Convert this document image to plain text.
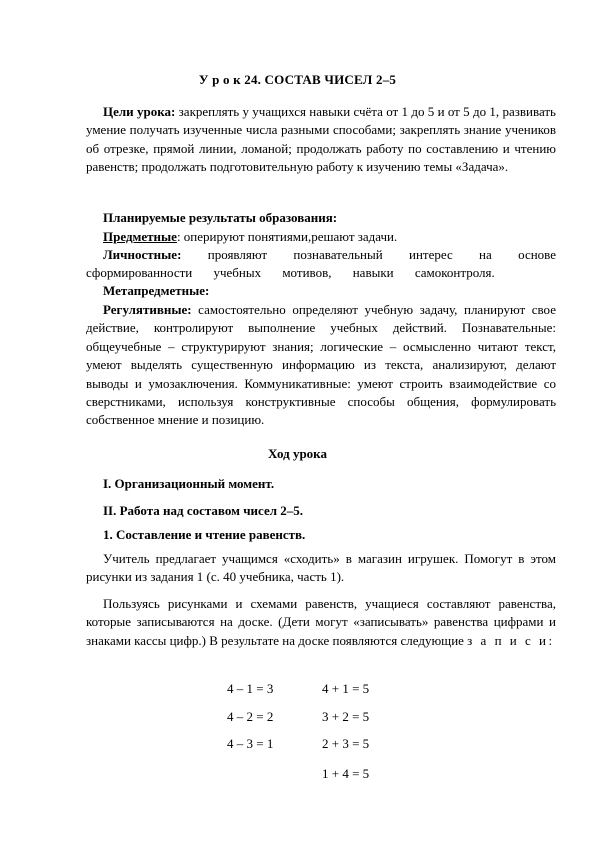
У р о к 24. СОСТАВ ЧИСЕЛ 2–5

Цели урока: закреплять у учащихся навыки счёта от 1 до 5 и от 5 до 1, развивать умение получать изученные числа разными способами; закреплять знание учеников об отрезке, прямой линии, ломаной; продолжать работу по составлению и чтению равенств; продолжать подготовительную работу к изучению темы «Задача».

Планируемые результаты образования:

Предметные: оперируют понятиями,решают задачи.

Личностные: проявляют познавательный интерес на основе сформированности учебных мотивов, навыки самоконтроля.

Метапредметные:

Регулятивные: самостоятельно определяют учебную задачу, планируют свое действие, контролируют выполнение учебных действий. Познавательные: общеучебные – структурируют знания; логические – осмысленно читают текст, умеют выделять существенную информацию из текста, анализируют, делают выводы и умозаключения. Коммуникативные: умеют строить взаимодействие со сверстниками, используя конструктивные способы общения, формулировать собственное мнение и позицию.

Ход урока
I. Организационный момент.
II. Работа над составом чисел 2–5.
1. Составление и чтение равенств.

Учитель предлагает учащимся «сходить» в магазин игрушек. Помогут в этом рисунки из задания 1 (с. 40 учебника, часть 1).

Пользуясь рисунками и схемами равенств, учащиеся составляют равенства, которые записываются на доске. (Дети могут «записывать» равенства цифрами и знаками кассы цифр.) В результате на доске появляются следующие з а п и с и:

4 – 1 = 3
4 – 2 = 2
4 – 3 = 1
4 + 1 = 5
3 + 2 = 5
2 + 3 = 5
1 + 4 = 5
